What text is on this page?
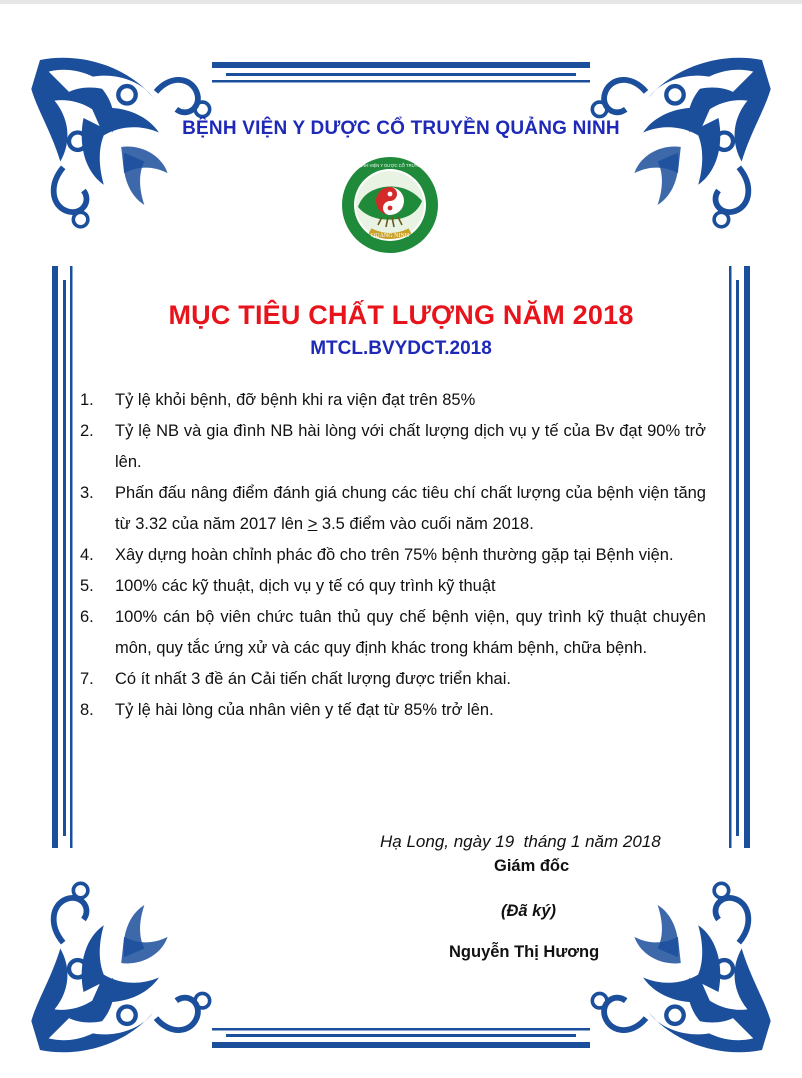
BỆNH VIỆN Y DƯỢC CỔ TRUYỀN QUẢNG NINH
QUẢNG NINH
BỆNH VIỆN Y DƯỢC CỔ TRUYỀN
MỤC TIÊU CHẤT LƯỢNG NĂM 2018
MTCL.BVYDCT.2018
1. Tỷ lệ khỏi bệnh, đỡ bệnh khi ra viện đạt trên 85%
2. Tỷ lệ NB và gia đình NB hài lòng với chất lượng dịch vụ y tế của Bv đạt 90% trở lên.
3. Phấn đấu nâng điểm đánh giá chung các tiêu chí chất lượng của bệnh viện tăng từ 3.32 của năm 2017 lên ≥ 3.5 điểm vào cuối năm 2018.
4. Xây dựng hoàn chỉnh phác đồ cho trên 75% bệnh thường gặp tại Bệnh viện.
5. 100% các kỹ thuật, dịch vụ y tế có quy trình kỹ thuật
6. 100% cán bộ viên chức tuân thủ quy chế bệnh viện, quy trình kỹ thuật chuyên môn, quy tắc ứng xử và các quy định khác trong khám bệnh, chữa bệnh.
7. Có ít nhất 3 đề án Cải tiến chất lượng được triển khai.
8. Tỷ lệ hài lòng của nhân viên y tế đạt từ 85% trở lên.
Hạ Long, ngày 19  tháng 1 năm 2018
Giám đốc
(Đã ký)
Nguyễn Thị Hương
